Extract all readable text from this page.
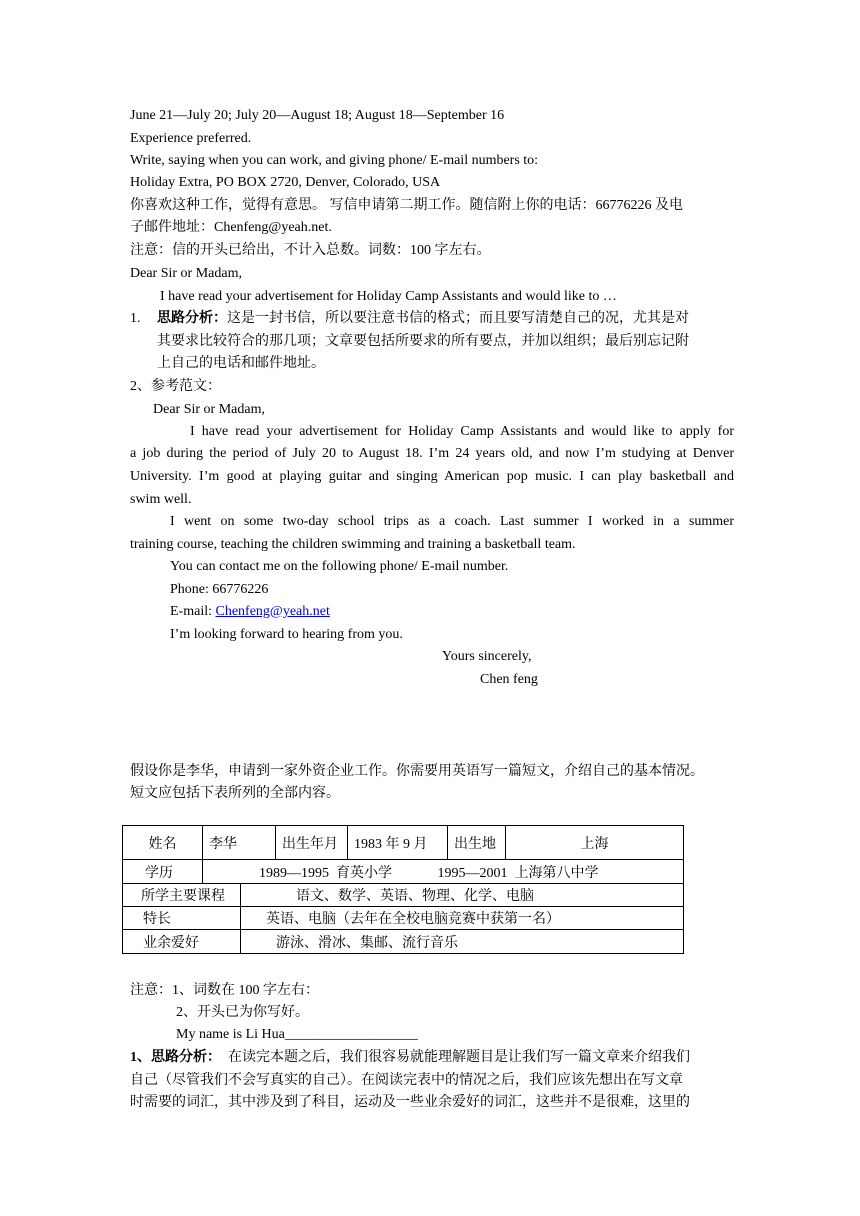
June 21—July 20; July 20—August 18; August 18—September 16
Experience preferred.
Write, saying when you can work, and giving phone/ E-mail numbers to:
Holiday Extra, PO BOX 2720, Denver, Colorado, USA
你喜欢这种工作，觉得有意思。 写信申请第二期工作。随信附上你的电话：66776226 及电
子邮件地址：Chenfeng@yeah.net.
注意：信的开头已给出，不计入总数。词数：100 字左右。
Dear Sir or Madam,
I have read your advertisement for Holiday Camp Assistants and would like to …
1. 思路分析：这是一封书信，所以要注意书信的格式；而且要写清楚自己的况，尤其是对
其要求比较符合的那几项；文章要包括所要求的所有要点，并加以组织；最后别忘记附
上自己的电话和邮件地址。
2、参考范文：
Dear Sir or Madam,
I have read your advertisement for Holiday Camp Assistants and would like to apply for
a job during the period of July 20 to August 18. I’m 24 years old, and now I’m studying at Denver
University. I’m good at playing guitar and singing American pop music. I can play basketball and
swim well.
I went on some two-day school trips as a coach. Last summer I worked in a summer
training course, teaching the children swimming and training a basketball team.
You can contact me on the following phone/ E-mail number.
Phone: 66776226
E-mail: Chenfeng@yeah.net
I’m looking forward to hearing from you.
Yours sincerely,
Chen feng
假设你是李华，申请到一家外资企业工作。你需要用英语写一篇短文，介绍自己的基本情况。
短文应包括下表所列的全部内容。
姓名	李华		出生年月	1983 年 9 月	出生地	上海
学历	1989—1995  育英小学             1995—2001  上海第八中学					
所学主要课程		语文、数学、英语、物理、化学、电脑				
特长		英语、电脑（去年在全校电脑竞赛中获第一名）				
业余爱好		游泳、滑冰、集邮、流行音乐				
注意：1、词数在 100 字左右：
2、开头已为你写好。
My name is Li Hua___________________
1、思路分析：  在读完本题之后，我们很容易就能理解题目是让我们写一篇文章来介绍我们
自己（尽管我们不会写真实的自己）。在阅读完表中的情况之后，我们应该先想出在写文章
时需要的词汇，其中涉及到了科目，运动及一些业余爱好的词汇，这些并不是很难，这里的
